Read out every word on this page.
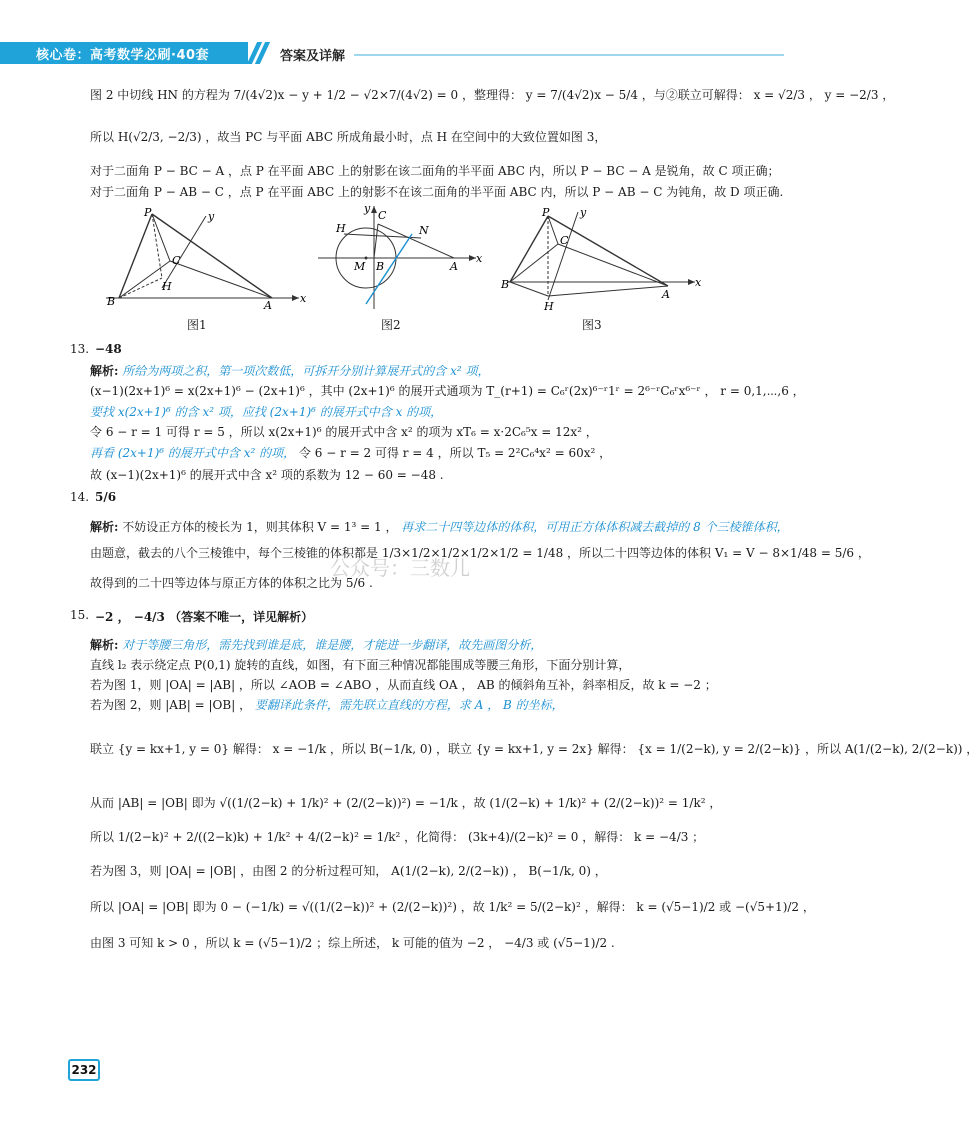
核心卷：高考数学必刷·40套	答案及详解
图 2 中切线 HN 的方程为 7/(4√2)x − y + 1/2 − √2×7/(4√2) = 0 ，整理得： y = 7/(4√2)x − 5/4 ，与②联立可解得： x = √2/3 ， y = −2/3 ，
所以 H(√2/3, −2/3) ，故当 PC 与平面 ABC 所成角最小时，点 H 在空间中的大致位置如图 3，
对于二面角 P − BC − A ，点 P 在平面 ABC 上的射影在该二面角的半平面 ABC 内，所以 P − BC − A 是锐角，故 C 项正确；
对于二面角 P − AB − C ，点 P 在平面 ABC 上的射影不在该二面角的半平面 ABC 内，所以 P − AB − C 为钝角，故 D 项正确.
P	y
C
H
B	A
x
图1
H
C
y
N
M B	A
x
图2
P	y
C
B
H
A
x
图3
13. −48
解析: 所给为两项之积，第一项次数低，可拆开分别计算展开式的含 x² 项，
(x−1)(2x+1)⁶ = x(2x+1)⁶ − (2x+1)⁶ ，其中 (2x+1)⁶ 的展开式通项为 T_(r+1) = C₆ʳ(2x)⁶⁻ʳ1ʳ = 2⁶⁻ʳC₆ʳx⁶⁻ʳ ， r = 0,1,⋯,6 ，
要找 x(2x+1)⁶ 的含 x² 项，应找 (2x+1)⁶ 的展开式中含 x 的项，
令 6 − r = 1 可得 r = 5 ，所以 x(2x+1)⁶ 的展开式中含 x² 的项为 xT₆ = x·2C₆⁵x = 12x² ，
再看 (2x+1)⁶ 的展开式中含 x² 的项， 令 6 − r = 2 可得 r = 4 ，所以 T₅ = 2²C₆⁴x² = 60x² ，
故 (x−1)(2x+1)⁶ 的展开式中含 x² 项的系数为 12 − 60 = −48 .
14. 5/6
解析: 不妨设正方体的棱长为 1，则其体积 V = 1³ = 1 ， 再求二十四等边体的体积，可用正方体体积减去截掉的 8 个三棱锥体积，
由题意，截去的八个三棱锥中，每个三棱锥的体积都是 1/3×1/2×1/2×1/2×1/2 = 1/48 ，所以二十四等边体的体积 V₁ = V − 8×1/48 = 5/6 ，
故得到的二十四等边体与原正方体的体积之比为 5/6 .
15. −2 ， −4/3 （答案不唯一，详见解析）
解析: 对于等腰三角形，需先找到谁是底，谁是腰，才能进一步翻译，故先画图分析，
直线 l₂ 表示绕定点 P(0,1) 旋转的直线，如图，有下面三种情况都能围成等腰三角形，下面分别计算，
若为图 1，则 |OA| = |AB| ，所以 ∠AOB = ∠ABO ，从而直线 OA ， AB 的倾斜角互补，斜率相反，故 k = −2 ；
若为图 2，则 |AB| = |OB| ， 要翻译此条件，需先联立直线的方程，求 A ， B 的坐标，
联立 {y = kx+1, y = 0} 解得： x = −1/k ，所以 B(−1/k, 0) ，联立 {y = kx+1, y = 2x} 解得： {x = 1/(2−k), y = 2/(2−k)} ，所以 A(1/(2−k), 2/(2−k)) ，
从而 |AB| = |OB| 即为 √((1/(2−k) + 1/k)² + (2/(2−k))²) = −1/k ，故 (1/(2−k) + 1/k)² + (2/(2−k))² = 1/k² ，
所以 1/(2−k)² + 2/((2−k)k) + 1/k² + 4/(2−k)² = 1/k² ，化简得： (3k+4)/(2−k)² = 0 ，解得： k = −4/3 ；
若为图 3，则 |OA| = |OB| ，由图 2 的分析过程可知， A(1/(2−k), 2/(2−k)) ， B(−1/k, 0) ，
所以 |OA| = |OB| 即为 0 − (−1/k) = √((1/(2−k))² + (2/(2−k))²) ，故 1/k² = 5/(2−k)² ，解得： k = (√5−1)/2 或 −(√5+1)/2 ，
由图 3 可知 k > 0 ，所以 k = (√5−1)/2 ；综上所述， k 可能的值为 −2 ， −4/3 或 (√5−1)/2 .
公众号：三数儿
232
